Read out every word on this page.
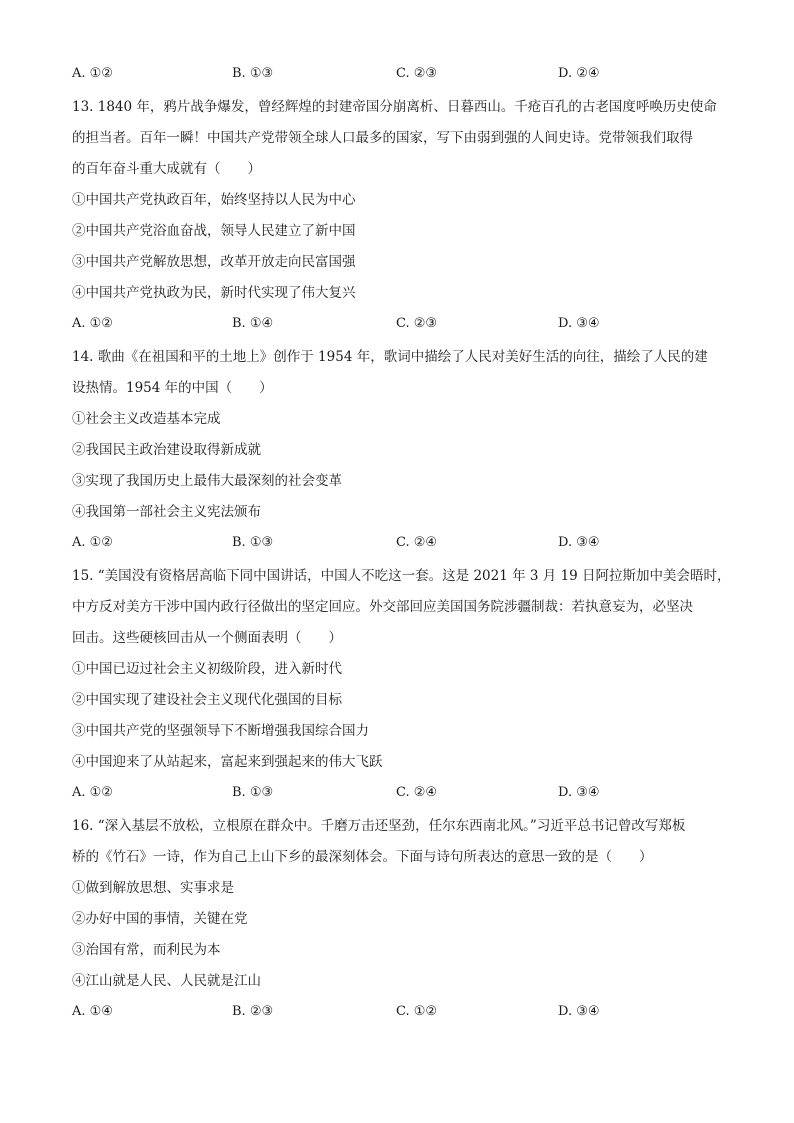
A. ①②	B. ①③	C. ②③	D. ②④
13. 1840 年，鸦片战争爆发，曾经辉煌的封建帝国分崩离析、日暮西山。千疮百孔的古老国度呼唤历史使命
的担当者。百年一瞬！中国共产党带领全球人口最多的国家，写下由弱到强的人间史诗。党带领我们取得
的百年奋斗重大成就有（　　）
①中国共产党执政百年，始终坚持以人民为中心
②中国共产党浴血奋战，领导人民建立了新中国
③中国共产党解放思想，改革开放走向民富国强
④中国共产党执政为民，新时代实现了伟大复兴
A. ①②	B. ①④	C. ②③	D. ③④
14. 歌曲《在祖国和平的土地上》创作于 1954 年，歌词中描绘了人民对美好生活的向往，描绘了人民的建
设热情。1954 年的中国（　　）
①社会主义改造基本完成
②我国民主政治建设取得新成就
③实现了我国历史上最伟大最深刻的社会变革
④我国第一部社会主义宪法颁布
A. ①②	B. ①③	C. ②④	D. ③④
15. “美国没有资格居高临下同中国讲话，中国人不吃这一套。这是 2021 年 3 月 19 日阿拉斯加中美会晤时，
中方反对美方干涉中国内政行径做出的坚定回应。外交部回应美国国务院涉疆制裁：若执意妄为，必坚决
回击。这些硬核回击从一个侧面表明（　　）
①中国已迈过社会主义初级阶段，进入新时代
②中国实现了建设社会主义现代化强国的目标
③中国共产党的坚强领导下不断增强我国综合国力
④中国迎来了从站起来，富起来到强起来的伟大飞跃
A. ①②	B. ①③	C. ②④	D. ③④
16. “深入基层不放松，立根原在群众中。千磨万击还坚劲，任尔东西南北风。”习近平总书记曾改写郑板
桥的《竹石》一诗，作为自己上山下乡的最深刻体会。下面与诗句所表达的意思一致的是（　　）
①做到解放思想、实事求是
②办好中国的事情，关键在党
③治国有常，而利民为本
④江山就是人民、人民就是江山
A. ①④	B. ②③	C. ①②	D. ③④
